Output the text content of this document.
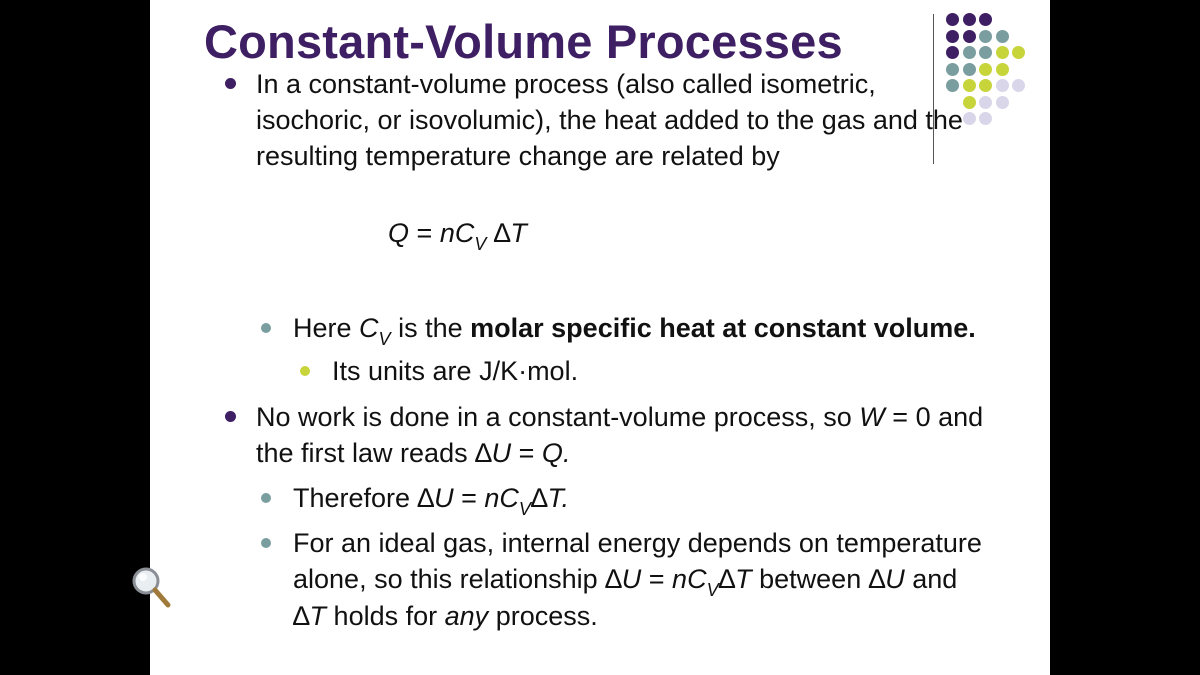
Constant-Volume Processes
In a constant-volume process (also called isometric,
isochoric, or isovolumic), the heat added to the gas and the
resulting temperature change are related by
$Q = nC_V$ ∆T
Here $C_V$ is the molar specific heat at constant volume.
Its units are J/K·mol.
No work is done in a constant-volume process, so W = 0 and
the first law reads ∆U = Q.
Therefore $\Delta U = nC_V\Delta T$.
For an ideal gas, internal energy depends on temperature
alone, so this relationship $\Delta U = nC_V\Delta T$ between ∆U and
∆T holds for any process.
